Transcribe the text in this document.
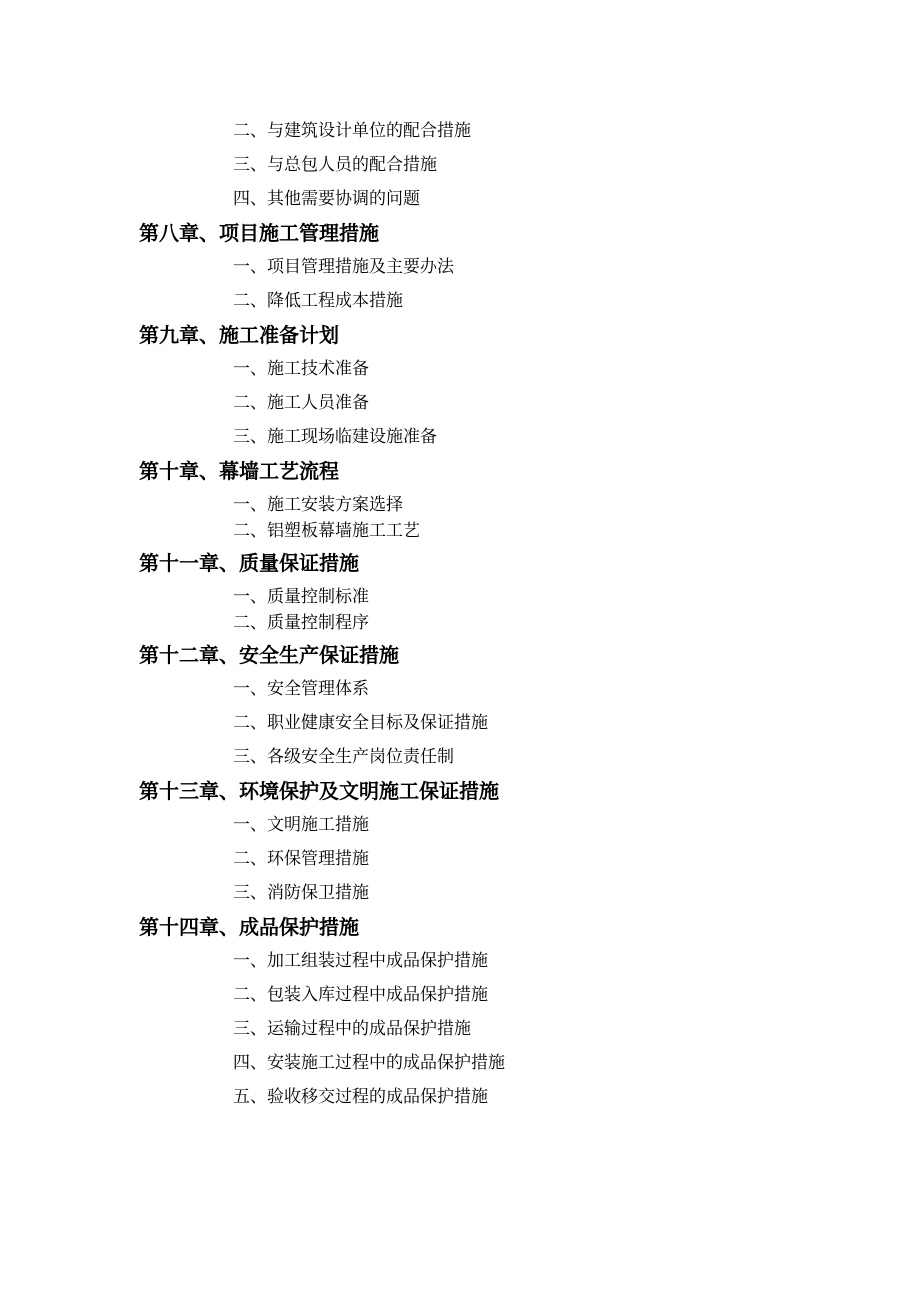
二、与建筑设计单位的配合措施
三、与总包人员的配合措施
四、其他需要协调的问题
第八章、项目施工管理措施
一、项目管理措施及主要办法
二、降低工程成本措施
第九章、施工准备计划
一、施工技术准备
二、施工人员准备
三、施工现场临建设施准备
第十章、幕墙工艺流程
一、施工安装方案选择
二、铝塑板幕墙施工工艺
第十一章、质量保证措施
一、质量控制标准
二、质量控制程序
第十二章、安全生产保证措施
一、安全管理体系
二、职业健康安全目标及保证措施
三、各级安全生产岗位责任制
第十三章、环境保护及文明施工保证措施
一、文明施工措施
二、环保管理措施
三、消防保卫措施
第十四章、成品保护措施
一、加工组装过程中成品保护措施
二、包装入库过程中成品保护措施
三、运输过程中的成品保护措施
四、安装施工过程中的成品保护措施
五、验收移交过程的成品保护措施
